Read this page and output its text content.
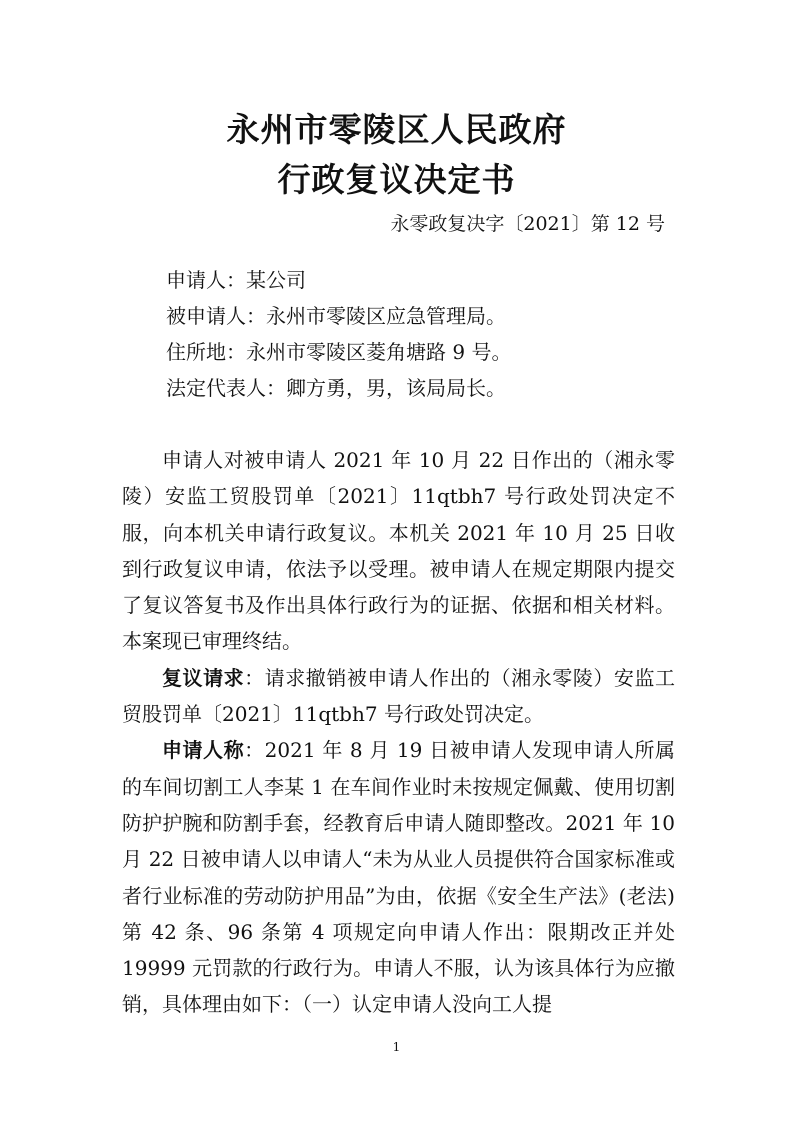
永州市零陵区人民政府
行政复议决定书
永零政复决字〔2021〕第 12 号

申请人：某公司

被申请人：永州市零陵区应急管理局。

住所地：永州市零陵区菱角塘路 9 号。

法定代表人：卿方勇，男，该局局长。

申请人对被申请人 2021 年 10 月 22 日作出的（湘永零陵）安监工贸股罚单〔2021〕11qtbh7 号行政处罚决定不服，向本机关申请行政复议。本机关 2021 年 10 月 25 日收到行政复议申请，依法予以受理。被申请人在规定期限内提交了复议答复书及作出具体行政行为的证据、依据和相关材料。本案现已审理终结。

复议请求：请求撤销被申请人作出的（湘永零陵）安监工贸股罚单〔2021〕11qtbh7 号行政处罚决定。

申请人称：2021 年 8 月 19 日被申请人发现申请人所属的车间切割工人李某 1 在车间作业时未按规定佩戴、使用切割防护护腕和防割手套，经教育后申请人随即整改。2021 年 10 月 22 日被申请人以申请人“未为从业人员提供符合国家标准或者行业标准的劳动防护用品”为由，依据《安全生产法》(老法)第 42 条、96 条第 4 项规定向申请人作出：限期改正并处 19999 元罚款的行政行为。申请人不服，认为该具体行为应撤销，具体理由如下：（一）认定申请人没向工人提

1
